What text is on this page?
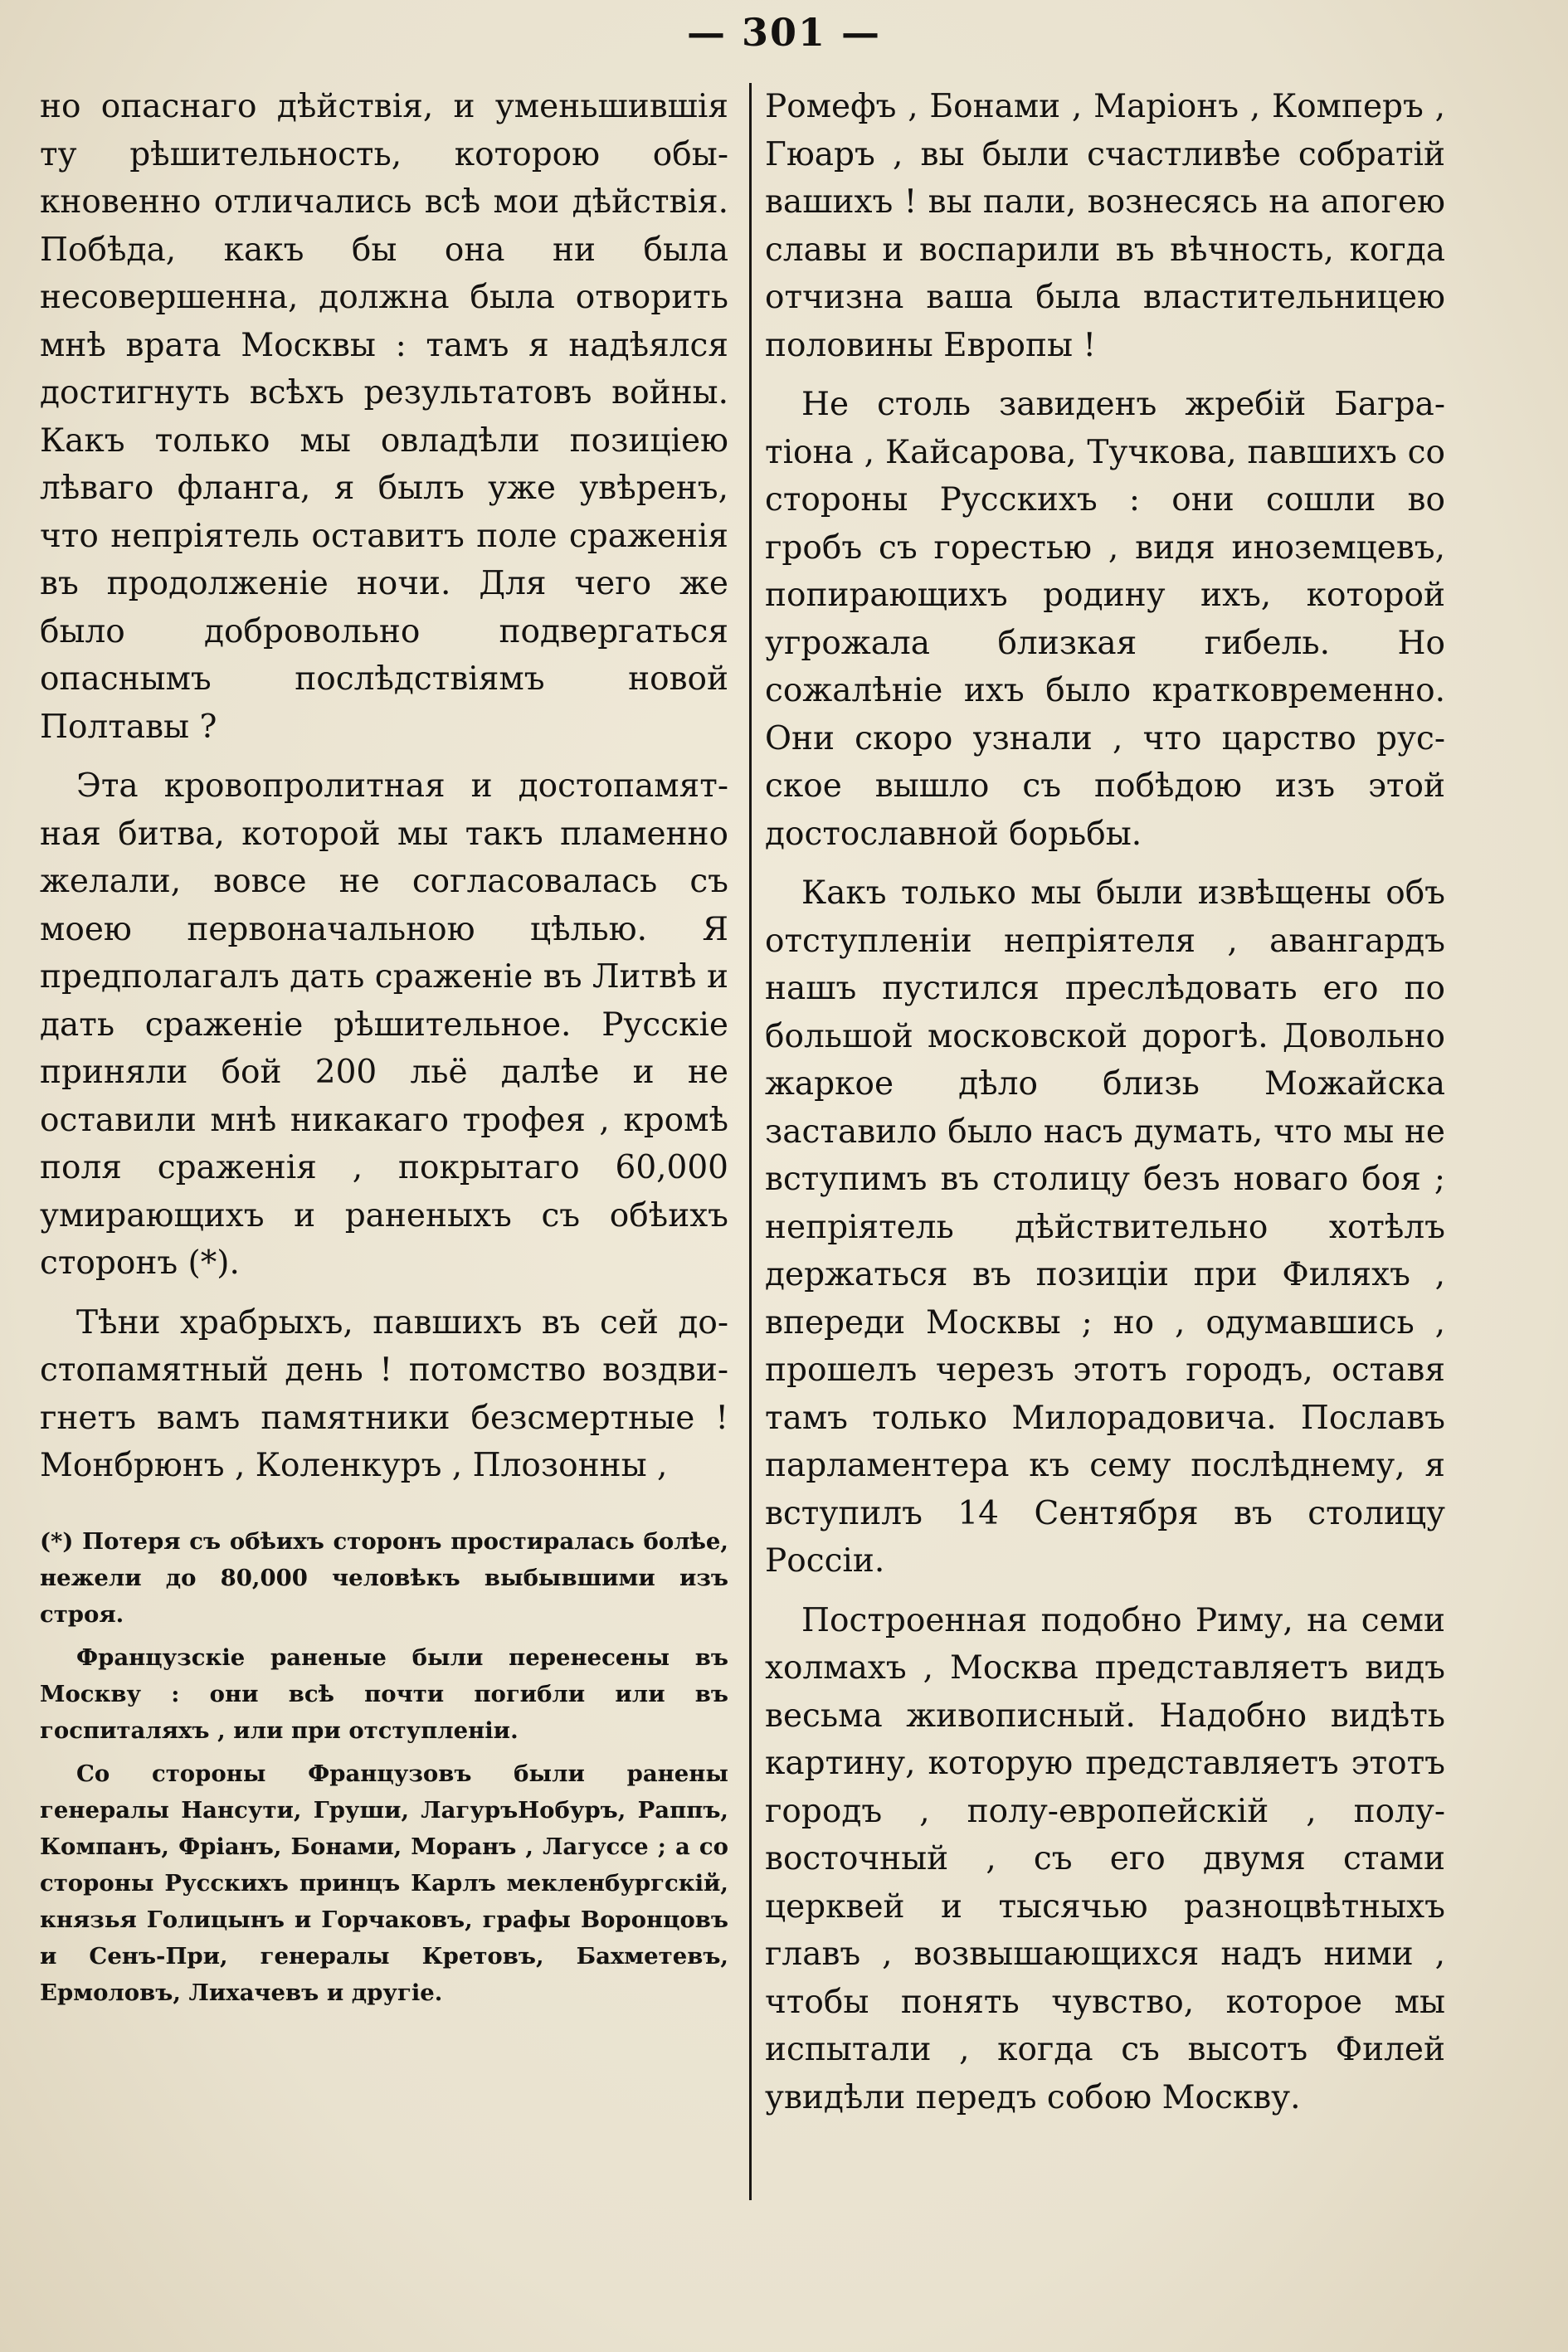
— 301 —

но опаснаго дѣйствія, и уменьшившія ту рѣшительность, которою обыкновенно отличались всѣ мои дѣйствія. Побѣда, какъ бы она ни была несовершенна, должна была отворить мнѣ врата Москвы : тамъ я надѣялся достигнуть всѣхъ результатовъ войны. Какъ только мы овладѣли позиціею лѣваго фланга, я былъ уже увѣренъ, что непріятель оставитъ поле сраженія въ продолженіе ночи. Для чего же было добровольно подвергаться опаснымъ послѣдствіямъ новой Полтавы ?

Эта кровопролитная и достопамятная битва, которой мы такъ пламенно желали, вовсе не согласовалась съ моею первоначальною цѣлью. Я предполагалъ дать сраженіе въ Литвѣ и дать сраженіе рѣшительное. Русскіе приняли бой 200 льё далѣе и не оставили мнѣ никакаго трофея , кромѣ поля сраженія , покрытаго 60,000 умирающихъ и раненыхъ съ обѣихъ сторонъ (*).

Тѣни храбрыхъ, павшихъ въ сей достопамятный день ! потомство воздвигнетъ вамъ памятники безсмертные ! Монбрюнъ , Коленкуръ , Плозонны ,

(*) Потеря съ обѣихъ сторонъ простиралась болѣе, нежели до 80,000 человѣкъ выбывшими изъ строя.

Французскіе раненые были перенесены въ Москву : они всѣ почти погибли или въ госпиталяхъ , или при отступленіи.

Со стороны Французовъ были ранены генералы Нансути, Груши, ЛагуръНобуръ, Раппъ, Компанъ, Фріанъ, Бонами, Моранъ , Лагуссе ; а со стороны Русскихъ принцъ Карлъ мекленбургскій, князья Голицынъ и Горчаковъ, графы Воронцовъ и Сенъ-При, генералы Кретовъ, Бахметевъ, Ермоловъ, Лихачевъ и другіе.

Ромефъ , Бонами , Маріонъ , Комперъ , Гюаръ , вы были счастливѣе собратій вашихъ ! вы пали, вознесясь на апогею славы и воспарили въ вѣчность, когда отчизна ваша была властительницею половины Европы !

Не столь завиденъ жребій Багратіона , Кайсарова, Тучкова, павшихъ со стороны Русскихъ : они сошли во гробъ съ горестью , видя иноземцевъ, попирающихъ родину ихъ, которой угрожала близкая гибель. Но сожалѣніе ихъ было кратковременно. Они скоро узнали , что царство русское вышло съ побѣдою изъ этой достославной борьбы.

Какъ только мы были извѣщены объ отступленіи непріятеля , авангардъ нашъ пустился преслѣдовать его по большой московской дорогѣ. Довольно жаркое дѣло близь Можайска заставило было насъ думать, что мы не вступимъ въ столицу безъ новаго боя ; непріятель дѣйствительно хотѣлъ держаться въ позиціи при Филяхъ , впереди Москвы ; но , одумавшись , прошелъ черезъ этотъ городъ, оставя тамъ только Милорадовича. Пославъ парламентера къ сему послѣднему, я вступилъ 14 Сентября въ столицу Россіи.

Построенная подобно Риму, на семи холмахъ , Москва представляетъ видъ весьма живописный. Надобно видѣть картину, которую представляетъ этотъ городъ , полу-европейскій , полу-восточный , съ его двумя стами церквей и тысячью разноцвѣтныхъ главъ , возвышающихся надъ ними , чтобы понять чувство, которое мы испытали , когда съ высотъ Филей увидѣли передъ собою Москву.
